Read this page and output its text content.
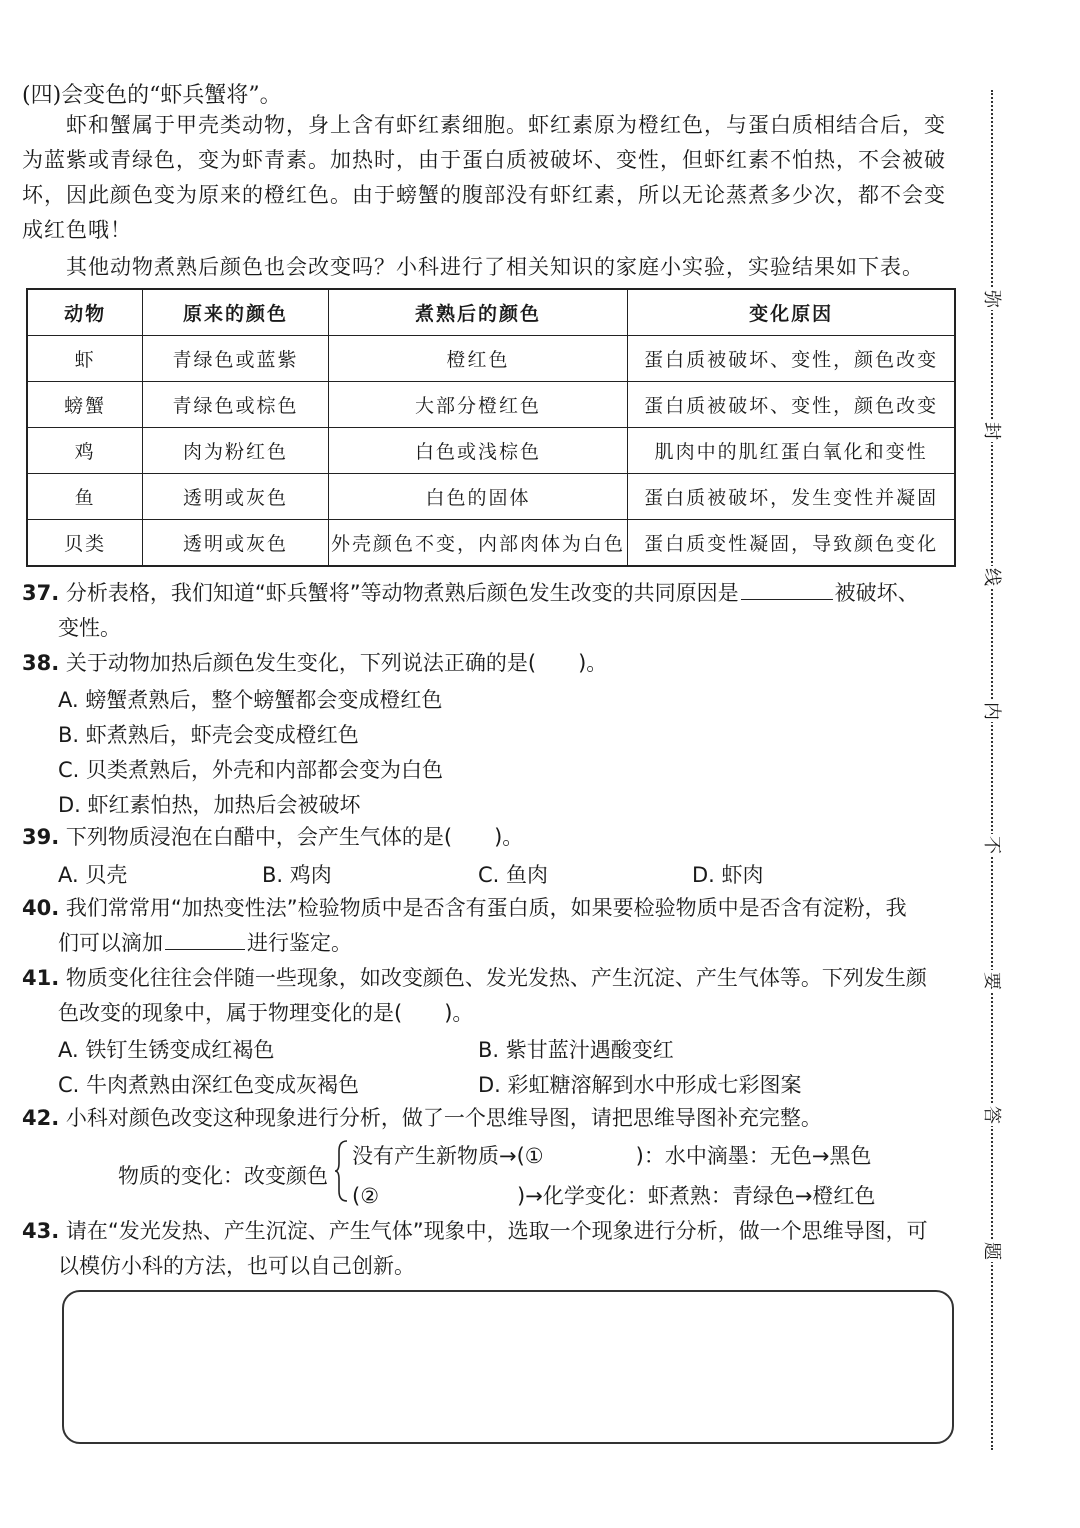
(四)会变色的“虾兵蟹将”。
虾和蟹属于甲壳类动物，身上含有虾红素细胞。虾红素原为橙红色，与蛋白质相结合后，变为蓝紫或青绿色，变为虾青素。加热时，由于蛋白质被破坏、变性，但虾红素不怕热，不会被破坏，因此颜色变为原来的橙红色。由于螃蟹的腹部没有虾红素，所以无论蒸煮多少次，都不会变成红色哦！
其他动物煮熟后颜色也会改变吗？小科进行了相关知识的家庭小实验，实验结果如下表。
动物	原来的颜色	煮熟后的颜色	变化原因
虾	青绿色或蓝紫	橙红色	蛋白质被破坏、变性，颜色改变
螃蟹	青绿色或棕色	大部分橙红色	蛋白质被破坏、变性，颜色改变
鸡	肉为粉红色	白色或浅棕色	肌肉中的肌红蛋白氧化和变性
鱼	透明或灰色	白色的固体	蛋白质被破坏，发生变性并凝固
贝类	透明或灰色	外壳颜色不变，内部肉体为白色	蛋白质变性凝固，导致颜色变化
37. 分析表格，我们知道“虾兵蟹将”等动物煮熟后颜色发生改变的共同原因是	被破坏、
变性。
38. 关于动物加热后颜色发生变化，下列说法正确的是(　　)。
A. 螃蟹煮熟后，整个螃蟹都会变成橙红色
B. 虾煮熟后，虾壳会变成橙红色
C. 贝类煮熟后，外壳和内部都会变为白色
D. 虾红素怕热，加热后会被破坏
39. 下列物质浸泡在白醋中，会产生气体的是(　　)。
A. 贝壳	B. 鸡肉	C. 鱼肉	D. 虾肉
40. 我们常常用“加热变性法”检验物质中是否含有蛋白质，如果要检验物质中是否含有淀粉，我
们可以滴加	进行鉴定。
41. 物质变化往往会伴随一些现象，如改变颜色、发光发热、产生沉淀、产生气体等。下列发生颜
色改变的现象中，属于物理变化的是(　　)。
A. 铁钉生锈变成红褐色	B. 紫甘蓝汁遇酸变红
C. 牛肉煮熟由深红色变成灰褐色	D. 彩虹糖溶解到水中形成七彩图案
42. 小科对颜色改变这种现象进行分析，做了一个思维导图，请把思维导图补充完整。
物质的变化：改变颜色
没有产生新物质→(①	)：水中滴墨：无色→黑色
(②	)→化学变化：虾煮熟：青绿色→橙红色
43. 请在“发光发热、产生沉淀、产生气体”现象中，选取一个现象进行分析，做一个思维导图，可
以模仿小科的方法，也可以自己创新。
弥
封
线
内
不
要
答
题
